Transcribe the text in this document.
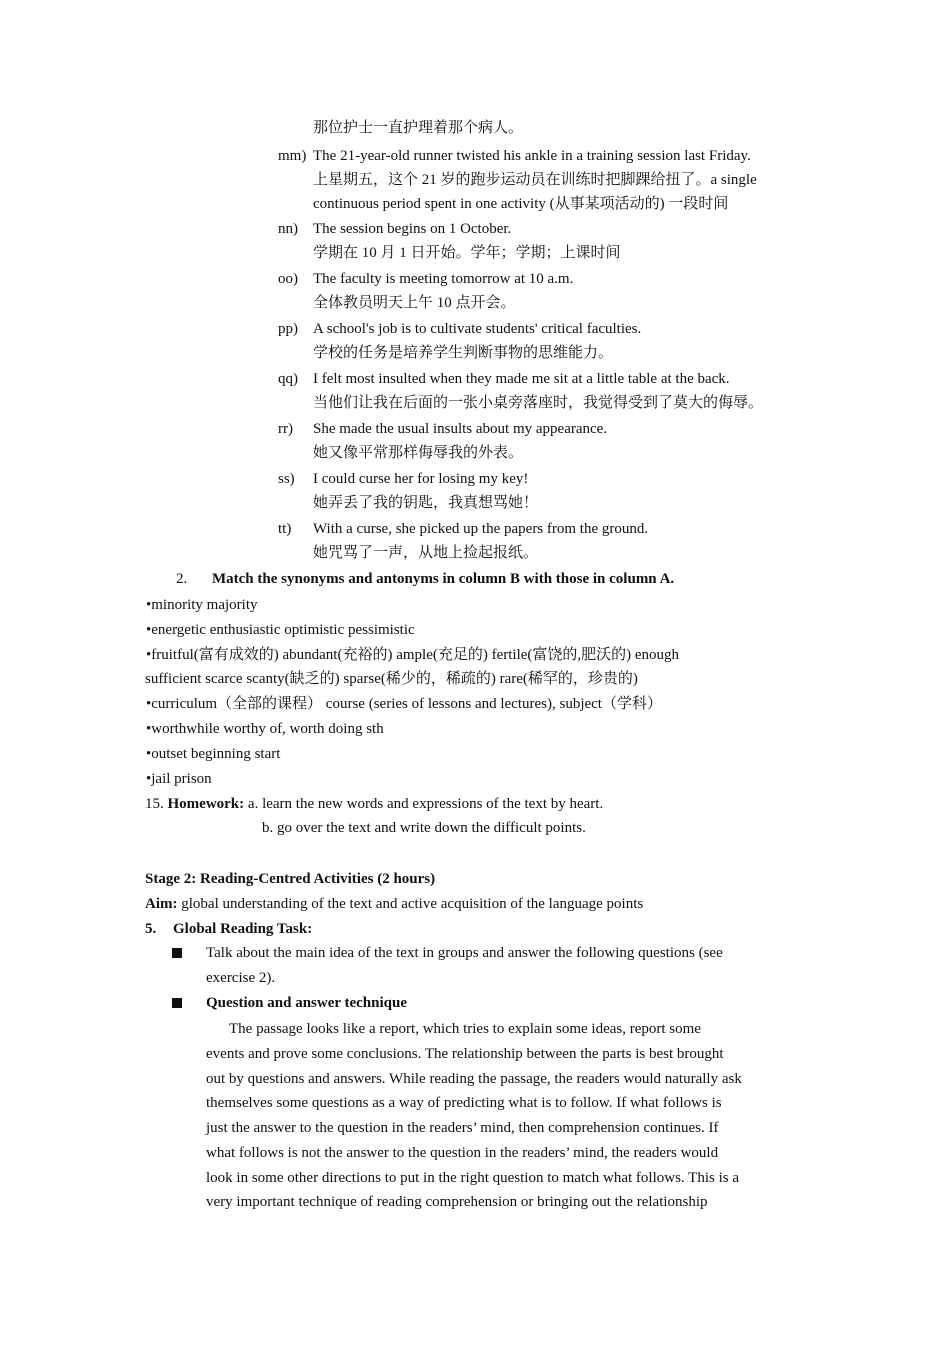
那位护士一直护理着那个病人。
mm) The 21-year-old runner twisted his ankle in a training session last Friday.
上星期五，这个 21 岁的跑步运动员在训练时把脚踝给扭了。a single
continuous period spent in one activity (从事某项活动的) 一段时间
nn) The session begins on 1 October.
学期在 10 月 1 日开始。学年；学期；上课时间
oo) The faculty is meeting tomorrow at 10 a.m.
全体教员明天上午 10 点开会。
pp) A school's job is to cultivate students' critical faculties.
学校的任务是培养学生判断事物的思维能力。
qq) I felt most insulted when they made me sit at a little table at the back.
当他们让我在后面的一张小桌旁落座时，我觉得受到了莫大的侮辱。
rr) She made the usual insults about my appearance.
她又像平常那样侮辱我的外表。
ss) I could curse her for losing my key!
她弄丢了我的钥匙，我真想骂她！
tt) With a curse, she picked up the papers from the ground.
她咒骂了一声，从地上捡起报纸。
2. Match the synonyms and antonyms in column B with those in column A.
•minority majority
•energetic enthusiastic optimistic pessimistic
•fruitful(富有成效的) abundant(充裕的) ample(充足的) fertile(富饶的,肥沃的) enough
sufficient scarce scanty(缺乏的) sparse(稀少的，稀疏的) rare(稀罕的，珍贵的)
•curriculum（全部的课程） course (series of lessons and lectures), subject（学科）
•worthwhile worthy of, worth doing sth
•outset beginning start
•jail prison
15. Homework: a. learn the new words and expressions of the text by heart.
b. go over the text and write down the difficult points.
Stage 2: Reading-Centred Activities (2 hours)
Aim: global understanding of the text and active acquisition of the language points
5. Global Reading Task:
Talk about the main idea of the text in groups and answer the following questions (see
exercise 2).
Question and answer technique
The passage looks like a report, which tries to explain some ideas, report some
events and prove some conclusions. The relationship between the parts is best brought
out by questions and answers. While reading the passage, the readers would naturally ask
themselves some questions as a way of predicting what is to follow. If what follows is
just the answer to the question in the readers’ mind, then comprehension continues. If
what follows is not the answer to the question in the readers’ mind, the readers would
look in some other directions to put in the right question to match what follows. This is a
very important technique of reading comprehension or bringing out the relationship
